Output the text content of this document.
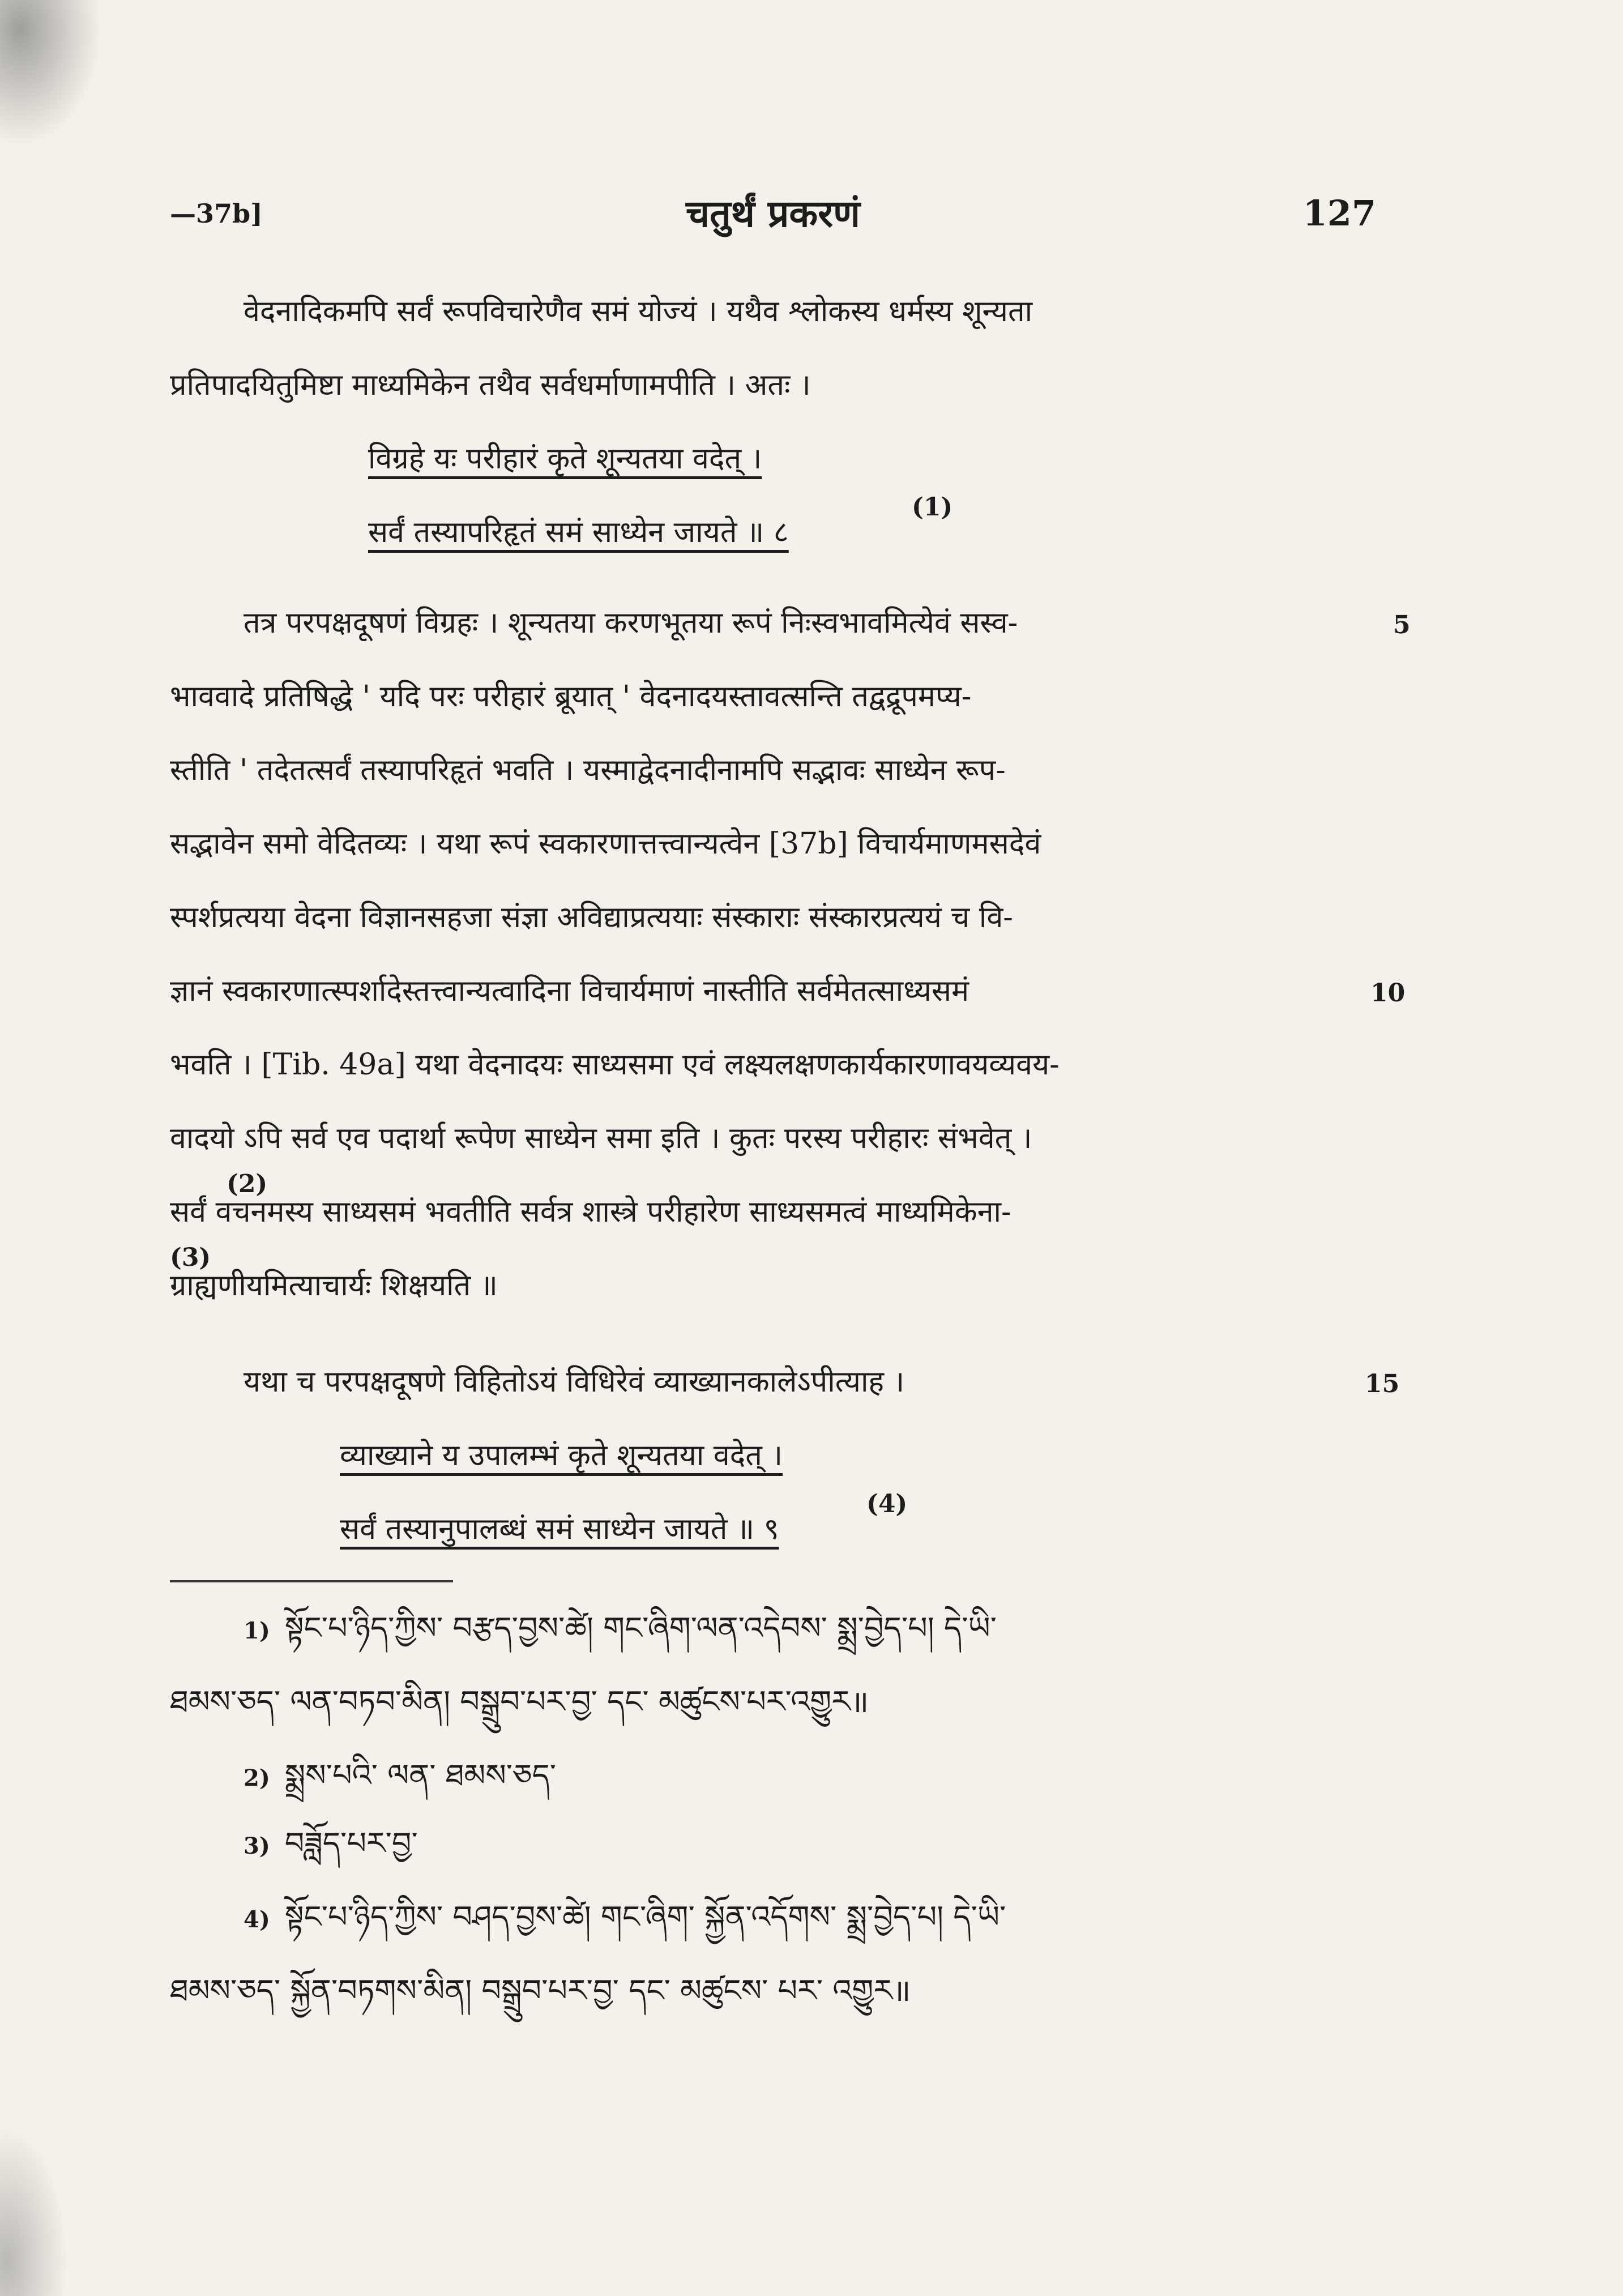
—37b]	चतुर्थं प्रकरणं	127
वेदनादिकमपि सर्वं रूपविचारेणैव समं योज्यं । यथैव श्लोकस्य धर्मस्य शून्यता
प्रतिपादयितुमिष्टा माध्यमिकेन तथैव सर्वधर्माणामपीति । अतः ।
विग्रहे यः परीहारं कृते शून्यतया वदेत् ।
सर्वं तस्यापरिहृतं समं साध्येन जायते ॥ ८
(1)
तत्र परपक्षदूषणं विग्रहः । शून्यतया करणभूतया रूपं निःस्वभावमित्येवं सस्व-	5
भाववादे प्रतिषिद्धे ' यदि परः परीहारं ब्रूयात् ' वेदनादयस्तावत्सन्ति तद्वद्रूपमप्य-
स्तीति ' तदेतत्सर्वं तस्यापरिहृतं भवति । यस्माद्वेदनादीनामपि सद्भावः साध्येन रूप-
सद्भावेन समो वेदितव्यः । यथा रूपं स्वकारणात्तत्त्वान्यत्वेन [37b] विचार्यमाणमसदेवं
स्पर्शप्रत्यया वेदना विज्ञानसहजा संज्ञा अविद्याप्रत्ययाः संस्काराः संस्कारप्रत्ययं च वि-
ज्ञानं स्वकारणात्स्पर्शादेस्तत्त्वान्यत्वादिना विचार्यमाणं नास्तीति सर्वमेतत्साध्यसमं	10
भवति । [Tib. 49a] यथा वेदनादयः साध्यसमा एवं लक्ष्यलक्षणकार्यकारणावयव्यवय-
वादयो ऽपि सर्व एव पदार्था रूपेण साध्येन समा इति । कुतः परस्य परीहारः संभवेत् ।
(2)
सर्वं वचनमस्य साध्यसमं भवतीति सर्वत्र शास्त्रे परीहारेण साध्यसमत्वं माध्यमिकेना-
(3)
ग्राह्यणीयमित्याचार्यः शिक्षयति ॥
यथा च परपक्षदूषणे विहितोऽयं विधिरेवं व्याख्यानकालेऽपीत्याह ।	15
व्याख्याने य उपालम्भं कृते शून्यतया वदेत् ।
सर्वं तस्यानुपालब्धं समं साध्येन जायते ॥ ९
(4)
1) སྟོང་པ་ཉིད་ཀྱིས་ བརྩད་བྱས་ཚེ། གང་ཞིག་ལན་འདེབས་ སྨྲ་བྱེད་པ། དེ་ཡི་
ཐམས་ཅད་ ལན་བཏབ་མིན། བསྒྲུབ་པར་བྱ་ དང་ མཚུངས་པར་འགྱུར॥
2) སྨྲས་པའི་ ལན་ ཐམས་ཅད་
3) བཟློད་པར་བྱ་
4) སྟོང་པ་ཉིད་ཀྱིས་ བཤད་བྱས་ཚེ། གང་ཞིག་ སྐྱོན་འདོགས་ སྨྲ་བྱེད་པ། དེ་ཡི་
ཐམས་ཅད་ སྐྱོན་བཏགས་མིན། བསྒྲུབ་པར་བྱ་ དང་ མཚུངས་ པར་ འགྱུར॥
